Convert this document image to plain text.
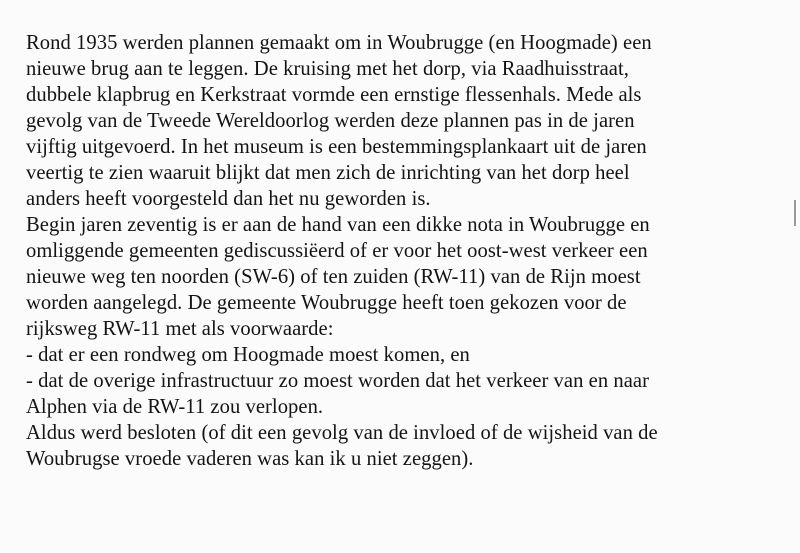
Rond 1935 werden plannen gemaakt om in Woubrugge (en Hoogmade) een
nieuwe brug aan te leggen. De kruising met het dorp, via Raadhuisstraat,
dubbele klapbrug en Kerkstraat vormde een ernstige flessenhals. Mede als
gevolg van de Tweede Wereldoorlog werden deze plannen pas in de jaren
vijftig uitgevoerd. In het museum is een bestemmingsplankaart uit de jaren
veertig te zien waaruit blijkt dat men zich de inrichting van het dorp heel
anders heeft voorgesteld dan het nu geworden is.
Begin jaren zeventig is er aan de hand van een dikke nota in Woubrugge en
omliggende gemeenten gediscussiëerd of er voor het oost-west verkeer een
nieuwe weg ten noorden (SW-6) of ten zuiden (RW-11) van de Rijn moest
worden aangelegd. De gemeente Woubrugge heeft toen gekozen voor de
rijksweg RW-11 met als voorwaarde:
- dat er een rondweg om Hoogmade moest komen, en
- dat de overige infrastructuur zo moest worden dat het verkeer van en naar
Alphen via de RW-11 zou verlopen.
Aldus werd besloten (of dit een gevolg van de invloed of de wijsheid van de
Woubrugse vroede vaderen was kan ik u niet zeggen).
